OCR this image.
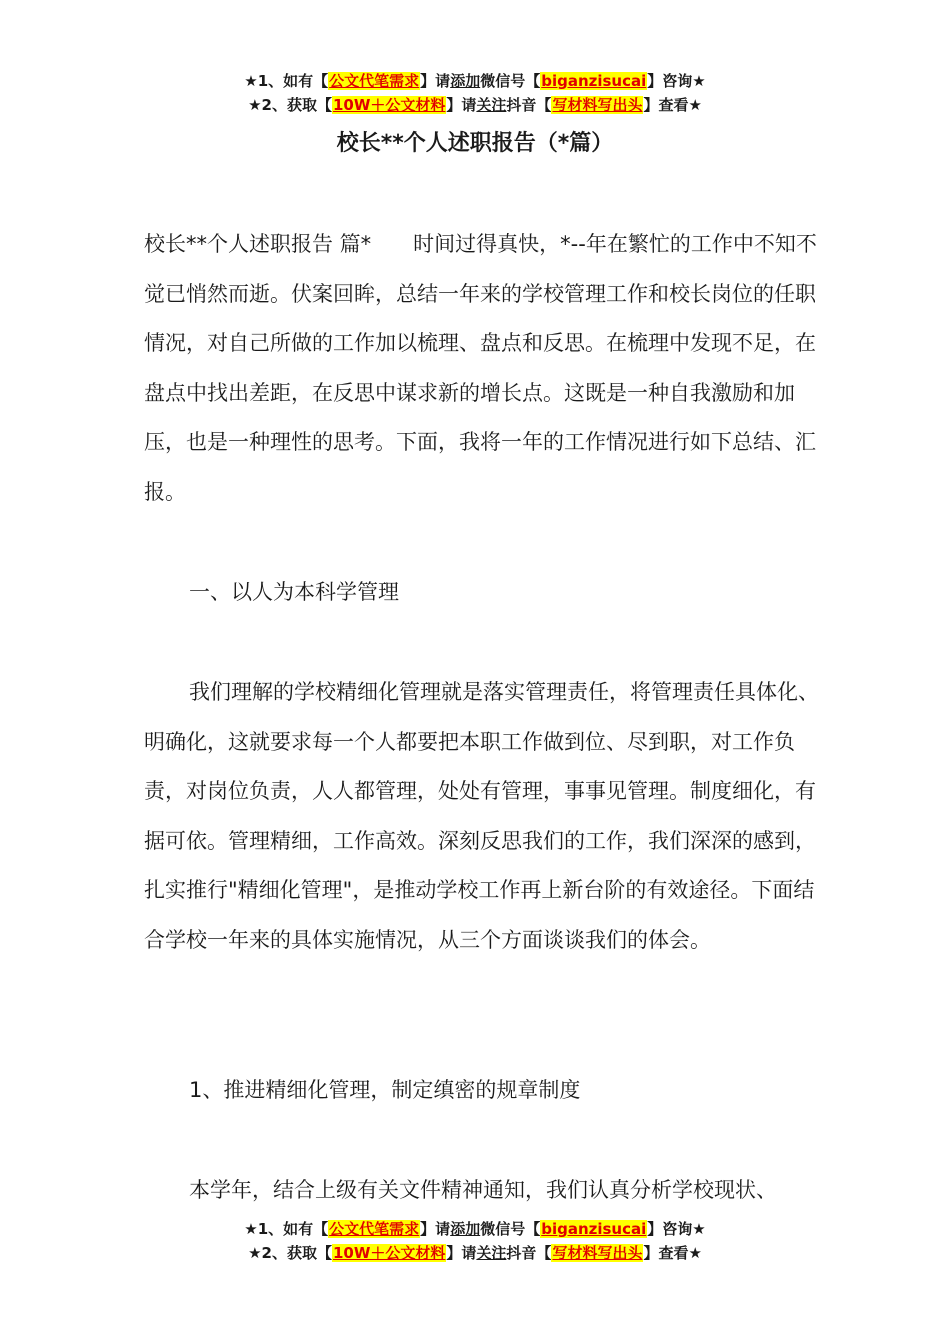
★1、如有【公文代笔需求】请添加微信号【biganzisucai】咨询★
★2、获取【10W＋公文材料】请关注抖音【写材料写出头】查看★
校长**个人述职报告（*篇）

校长**个人述职报告 篇*　　时间过得真快，*--年在繁忙的工作中不知不觉已悄然而逝。伏案回眸，总结一年来的学校管理工作和校长岗位的任职情况，对自己所做的工作加以梳理、盘点和反思。在梳理中发现不足，在盘点中找出差距，在反思中谋求新的增长点。这既是一种自我激励和加压，也是一种理性的思考。下面，我将一年的工作情况进行如下总结、汇报。

一、以人为本科学管理

我们理解的学校精细化管理就是落实管理责任，将管理责任具体化、明确化，这就要求每一个人都要把本职工作做到位、尽到职，对工作负责，对岗位负责，人人都管理，处处有管理，事事见管理。制度细化，有据可依。管理精细，工作高效。深刻反思我们的工作，我们深深的感到，扎实推行"精细化管理"，是推动学校工作再上新台阶的有效途径。下面结合学校一年来的具体实施情况，从三个方面谈谈我们的体会。

1、推进精细化管理，制定缜密的规章制度

本学年，结合上级有关文件精神通知，我们认真分析学校现状、

★1、如有【公文代笔需求】请添加微信号【biganzisucai】咨询★
★2、获取【10W＋公文材料】请关注抖音【写材料写出头】查看★
